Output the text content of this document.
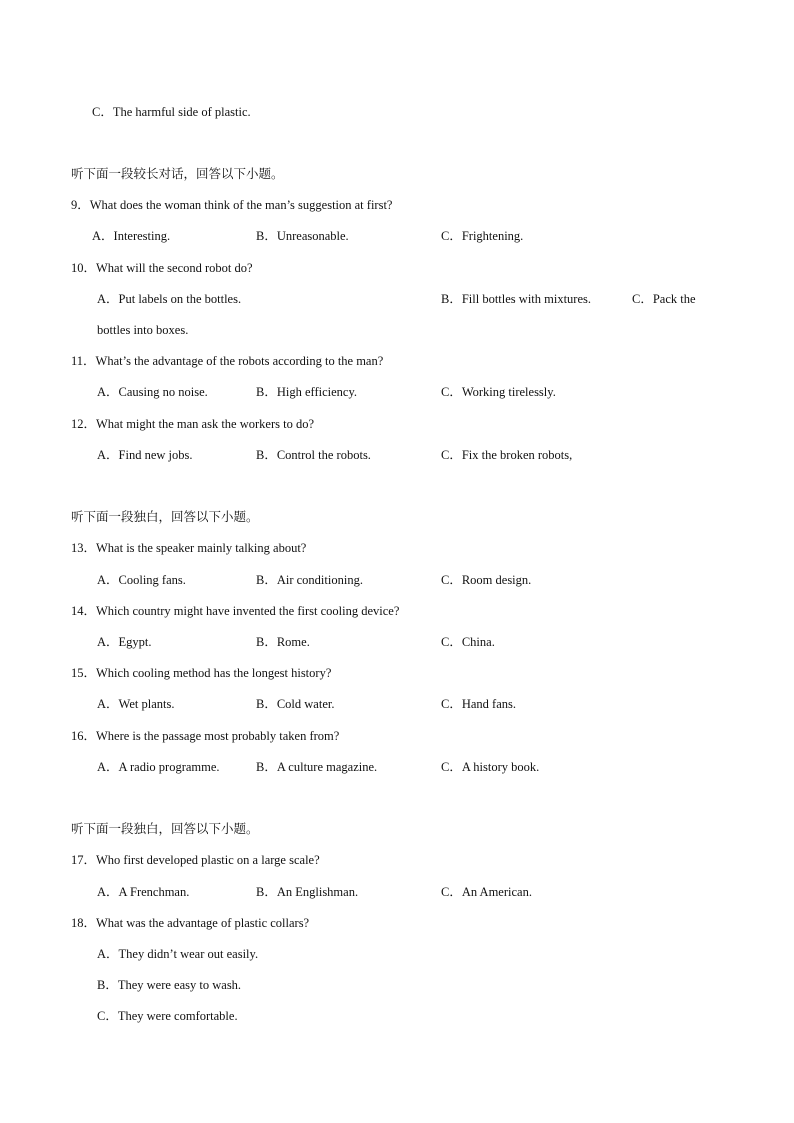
C．The harmful side of plastic.
听下面一段较长对话，回答以下小题。
9．What does the woman think of the man’s suggestion at first?
A．Interesting.	B．Unreasonable.	C．Frightening.
10．What will the second robot do?
A．Put labels on the bottles.	B．Fill bottles with mixtures.	C．Pack the
bottles into boxes.
11．What’s the advantage of the robots according to the man?
A．Causing no noise.	B．High efficiency.	C．Working tirelessly.
12．What might the man ask the workers to do?
A．Find new jobs.	B．Control the robots.	C．Fix the broken robots,
听下面一段独白，回答以下小题。
13．What is the speaker mainly talking about?
A．Cooling fans.	B．Air conditioning.	C．Room design.
14．Which country might have invented the first cooling device?
A．Egypt.	B．Rome.	C．China.
15．Which cooling method has the longest history?
A．Wet plants.	B．Cold water.	C．Hand fans.
16．Where is the passage most probably taken from?
A．A radio programme.	B．A culture magazine.	C．A history book.
听下面一段独白，回答以下小题。
17．Who first developed plastic on a large scale?
A．A Frenchman.	B．An Englishman.	C．An American.
18．What was the advantage of plastic collars?
A．They didn’t wear out easily.
B．They were easy to wash.
C．They were comfortable.
